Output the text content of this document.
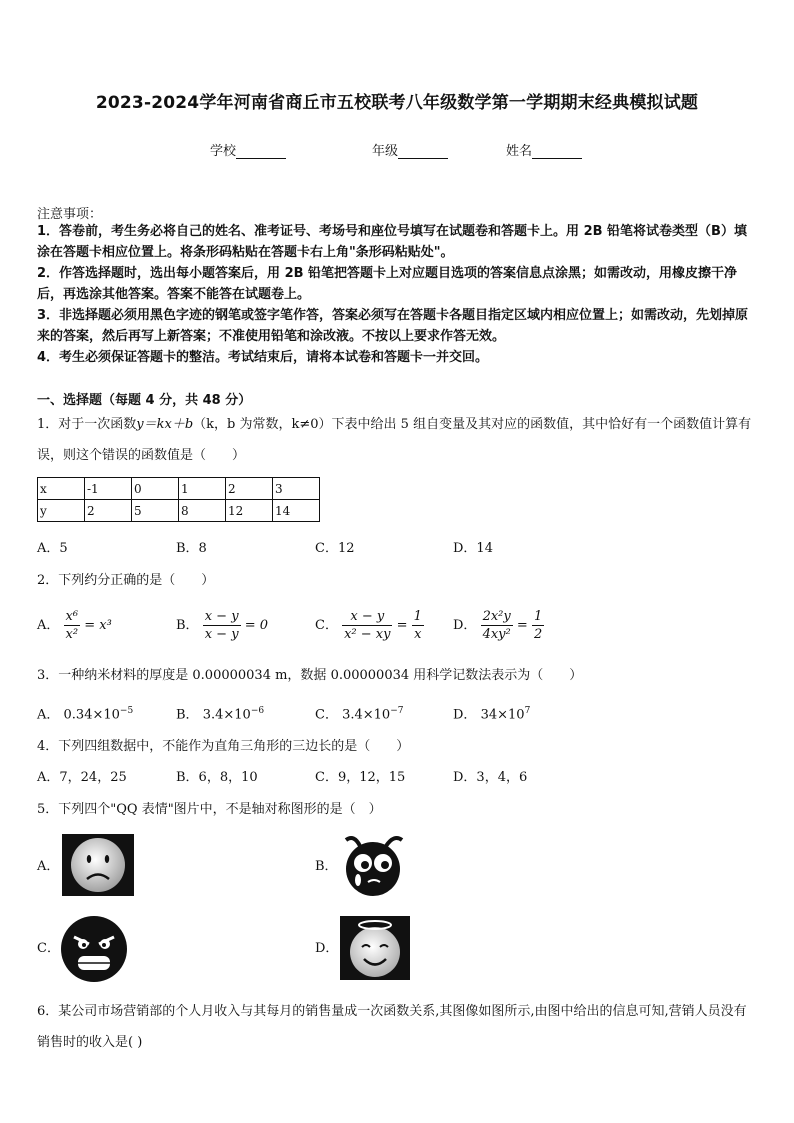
2023-2024学年河南省商丘市五校联考八年级数学第一学期期末经典模拟试题
学校	年级	姓名
注意事项：
1．答卷前，考生务必将自己的姓名、准考证号、考场号和座位号填写在试题卷和答题卡上。用 2B 铅笔将试卷类型（B）填涂在答题卡相应位置上。将条形码粘贴在答题卡右上角"条形码粘贴处"。
2．作答选择题时，选出每小题答案后，用 2B 铅笔把答题卡上对应题目选项的答案信息点涂黑；如需改动，用橡皮擦干净后，再选涂其他答案。答案不能答在试题卷上。
3．非选择题必须用黑色字迹的钢笔或签字笔作答，答案必须写在答题卡各题目指定区域内相应位置上；如需改动，先划掉原来的答案，然后再写上新答案；不准使用铅笔和涂改液。不按以上要求作答无效。
4．考生必须保证答题卡的整洁。考试结束后，请将本试卷和答题卡一并交回。
一、选择题（每题 4 分，共 48 分）
1．对于一次函数y＝kx＋b（k，b 为常数，k≠0）下表中给出 5 组自变量及其对应的函数值，其中恰好有一个函数值计算有误，则这个错误的函数值是（　　）
x	-1	0	1	2	3
y	2	5	8	12	14
A．5	B．8	C．12	D．14
2．下列约分正确的是（　　）
A． $\frac{\text{x⁶}}{\text{x²}} = x^3$	B． $\frac{x - y}{x - y} = 0$	C． $\frac{x - y}{\text{x² − xy}} = \frac{1}{x}$ D． $\frac{\text{2x²y}}{\text{4xy²}} = \frac{1}{2}$
3．一种纳米材料的厚度是 0.00000034 m，数据 0.00000034 用科学记数法表示为（　　）
A． $0.34\times 10^{-5}$	B． $3.4\times 10^{-6}$	C． $3.4\times 10^{-7}$	D． $34\times 10^7$
4．下列四组数据中，不能作为直角三角形的三边长的是（　　）
A．7，24，25	B．6，8，10	C．9，12，15	D．3，4，6
5．下列四个"QQ 表情"图片中，不是轴对称图形的是（　）
A．	B．
C．	D．
6．某公司市场营销部的个人月收入与其每月的销售量成一次函数关系,其图像如图所示,由图中给出的信息可知,营销人员没有销售时的收入是( )
